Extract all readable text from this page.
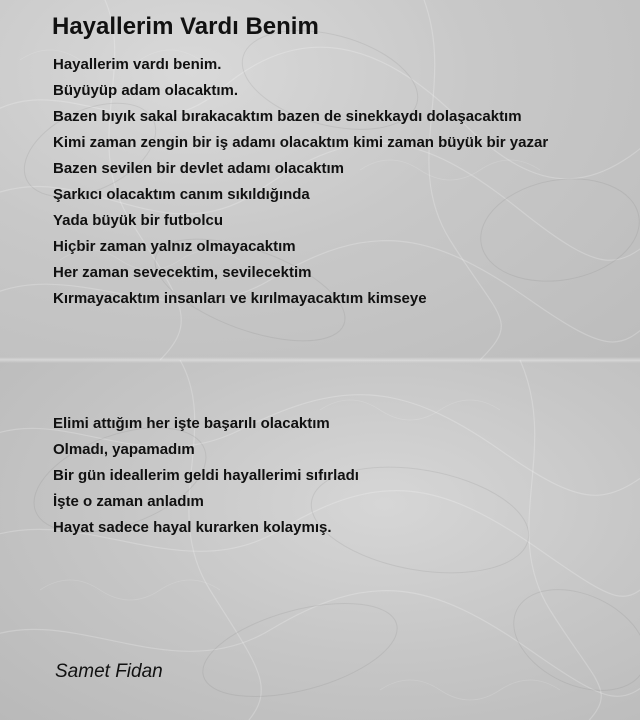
Hayallerim Vardı Benim
Hayallerim vardı benim.
Büyüyüp adam olacaktım.
Bazen bıyık sakal bırakacaktım bazen de sinekkaydı dolaşacaktım
Kimi zaman zengin bir iş adamı olacaktım kimi zaman büyük bir yazar
Bazen sevilen bir devlet adamı olacaktım
Şarkıcı olacaktım canım sıkıldığında
Yada büyük bir futbolcu
Hiçbir zaman yalnız olmayacaktım
Her zaman sevecektim, sevilecektim
Kırmayacaktım insanları ve kırılmayacaktım kimseye
Elimi attığım her işte başarılı olacaktım
Olmadı, yapamadım
Bir gün ideallerim geldi hayallerimi sıfırladı
İşte o zaman anladım
Hayat sadece hayal kurarken kolaymış.
Samet Fidan
